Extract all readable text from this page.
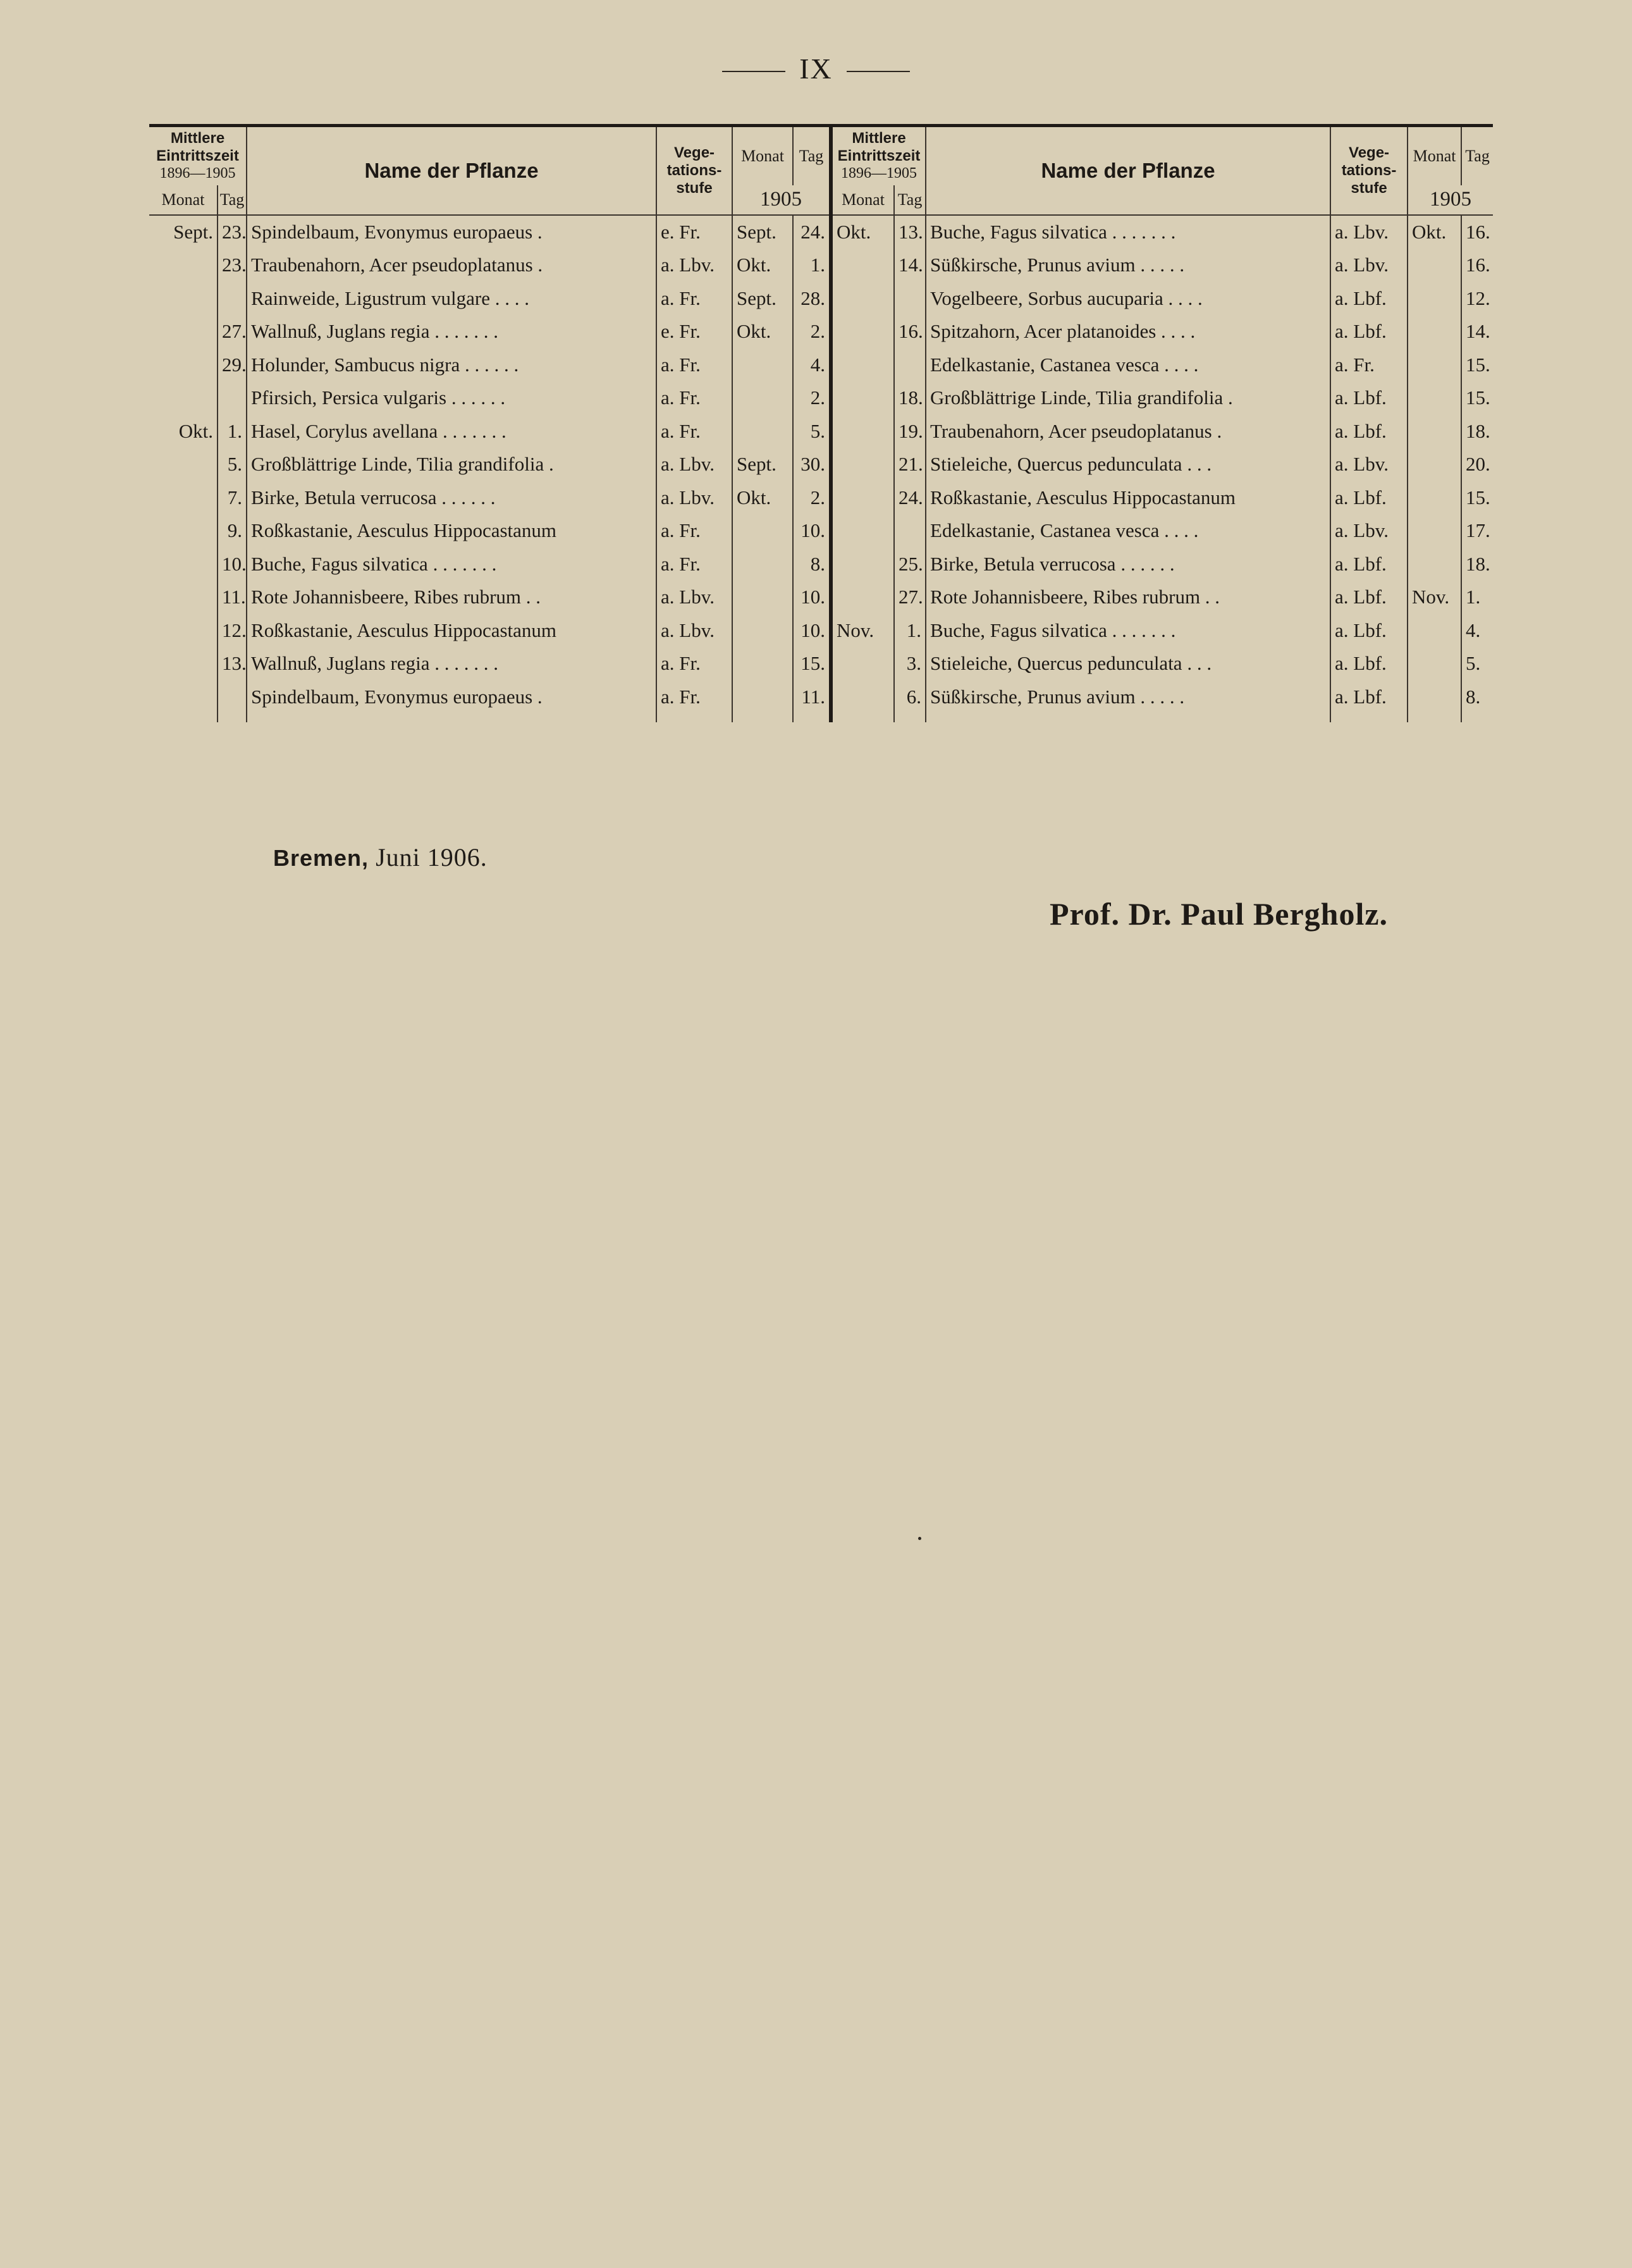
IX
Mittlere Eintrittszeit
1896—1905		Name der Pflanze	Vege- tations- stufe	Monat	Tag	Mittlere Eintrittszeit
1896—1905		Name der Pflanze	Vege- tations- stufe	Monat	Tag
Monat	Tag			1905		Monat	Tag			1905	
Sept.	23.	Spindelbaum, Evonymus europaeus .	e. Fr.	Sept.	24.	Okt.	13.	Buche, Fagus silvatica . . . . . . .	a. Lbv.	Okt.	16.
	23.	Traubenahorn, Acer pseudoplatanus .	a. Lbv.	Okt.	1.		14.	Süßkirsche, Prunus avium . . . . .	a. Lbv.		16.
		Rainweide, Ligustrum vulgare . . . .	a. Fr.	Sept.	28.			Vogelbeere, Sorbus aucuparia . . . .	a. Lbf.		12.
	27.	Wallnuß, Juglans regia . . . . . . .	e. Fr.	Okt.	2.		16.	Spitzahorn, Acer platanoides . . . .	a. Lbf.		14.
	29.	Holunder, Sambucus nigra . . . . . .	a. Fr.		4.			Edelkastanie, Castanea vesca . . . .	a. Fr.		15.
		Pfirsich, Persica vulgaris . . . . . .	a. Fr.		2.		18.	Großblättrige Linde, Tilia grandifolia .	a. Lbf.		15.
Okt.	1.	Hasel, Corylus avellana . . . . . . .	a. Fr.		5.		19.	Traubenahorn, Acer pseudoplatanus .	a. Lbf.		18.
	5.	Großblättrige Linde, Tilia grandifolia .	a. Lbv.	Sept.	30.		21.	Stieleiche, Quercus pedunculata . . .	a. Lbv.		20.
	7.	Birke, Betula verrucosa . . . . . .	a. Lbv.	Okt.	2.		24.	Roßkastanie, Aesculus Hippocastanum	a. Lbf.		15.
	9.	Roßkastanie, Aesculus Hippocastanum	a. Fr.		10.			Edelkastanie, Castanea vesca . . . .	a. Lbv.		17.
	10.	Buche, Fagus silvatica . . . . . . .	a. Fr.		8.		25.	Birke, Betula verrucosa . . . . . .	a. Lbf.		18.
	11.	Rote Johannisbeere, Ribes rubrum . .	a. Lbv.		10.		27.	Rote Johannisbeere, Ribes rubrum . .	a. Lbf.	Nov.	1.
	12.	Roßkastanie, Aesculus Hippocastanum	a. Lbv.		10.	Nov.	1.	Buche, Fagus silvatica . . . . . . .	a. Lbf.		4.
	13.	Wallnuß, Juglans regia . . . . . . .	a. Fr.		15.		3.	Stieleiche, Quercus pedunculata . . .	a. Lbf.		5.
		Spindelbaum, Evonymus europaeus .	a. Fr.		11.		6.	Süßkirsche, Prunus avium . . . . .	a. Lbf.		8.
Bremen, Juni 1906.
Prof. Dr. Paul Bergholz.
